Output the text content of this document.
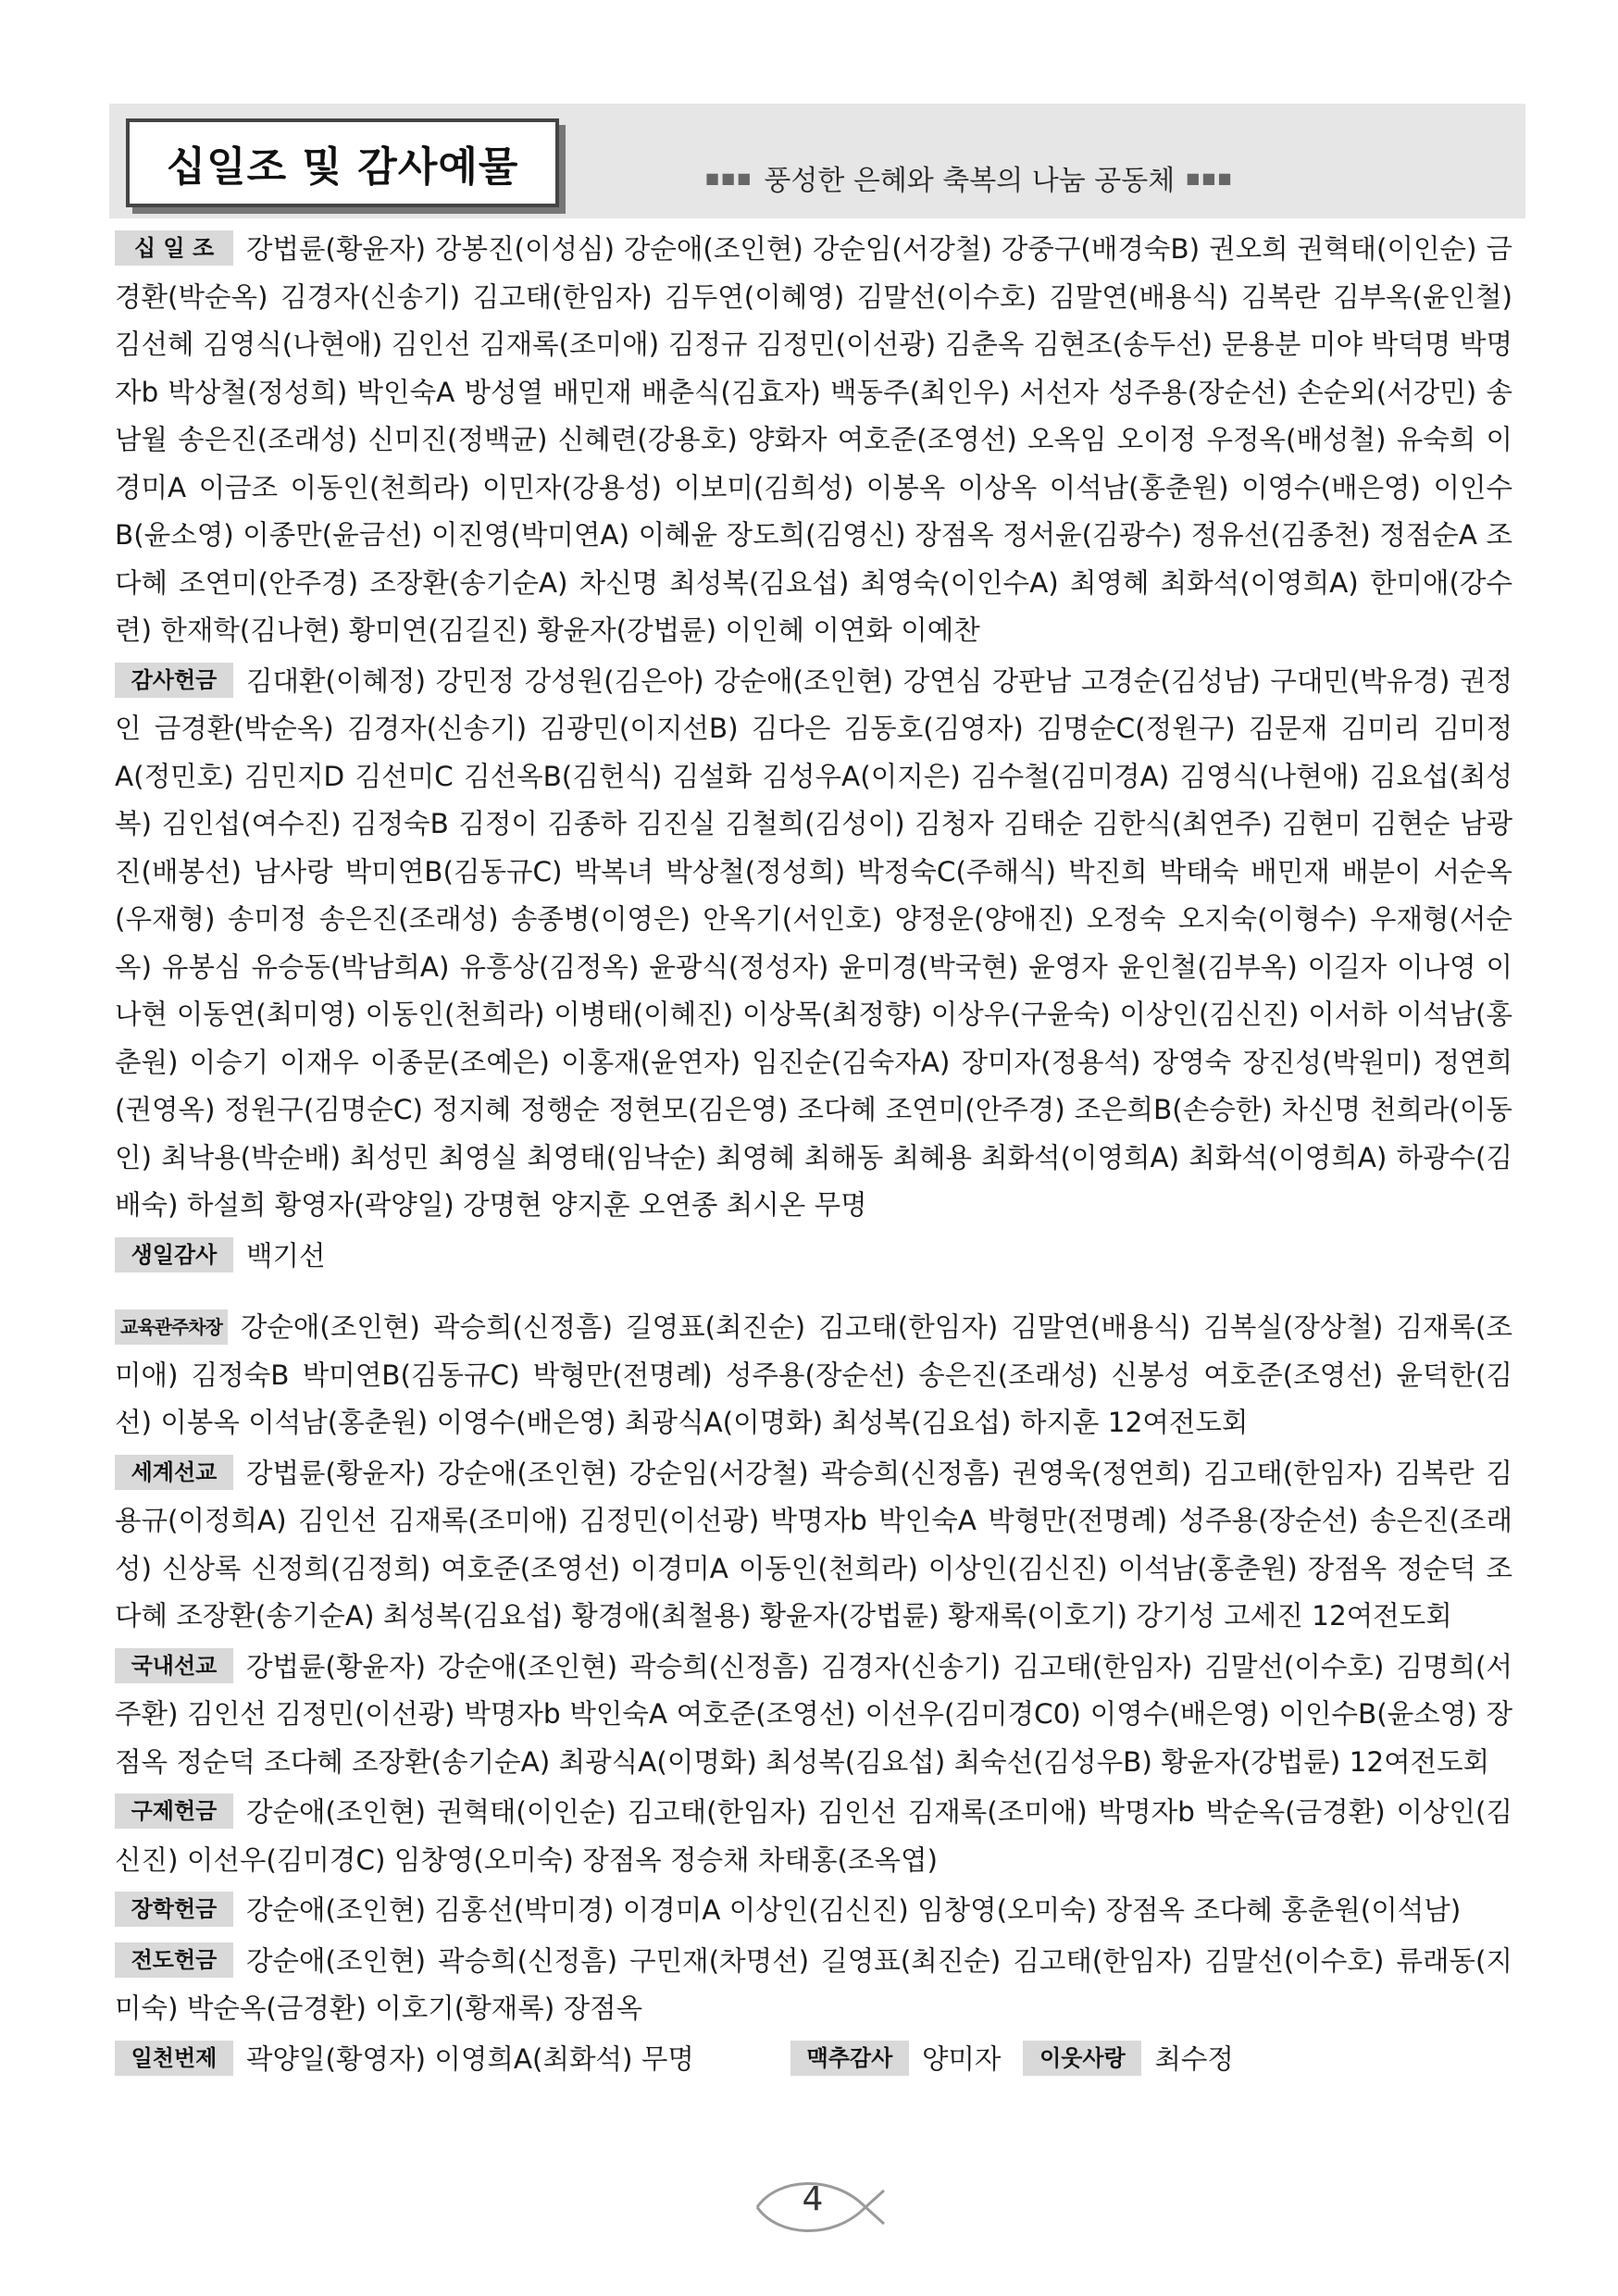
십일조 및 감사예물	■■■ 풍성한 은혜와 축복의 나눔 공동체 ■■■
십 일 조 강법륜(황윤자) 강봉진(이성심) 강순애(조인현) 강순임(서강철) 강중구(배경숙B) 권오희 권혁태(이인순) 금경환(박순옥) 김경자(신송기) 김고태(한임자) 김두연(이혜영) 김말선(이수호) 김말연(배용식) 김복란 김부옥(윤인철) 김선혜 김영식(나현애) 김인선 김재록(조미애) 김정규 김정민(이선광) 김춘옥 김현조(송두선) 문용분 미야 박덕명 박명자b 박상철(정성희) 박인숙A 방성열 배민재 배춘식(김효자) 백동주(최인우) 서선자 성주용(장순선) 손순외(서강민) 송남월 송은진(조래성) 신미진(정백균) 신혜련(강용호) 양화자 여호준(조영선) 오옥임 오이정 우정옥(배성철) 유숙희 이경미A 이금조 이동인(천희라) 이민자(강용성) 이보미(김희성) 이봉옥 이상옥 이석남(홍춘원) 이영수(배은영) 이인수B(윤소영) 이종만(윤금선) 이진영(박미연A) 이혜윤 장도희(김영신) 장점옥 정서윤(김광수) 정유선(김종천) 정점순A 조다혜 조연미(안주경) 조장환(송기순A) 차신명 최성복(김요섭) 최영숙(이인수A) 최영혜 최화석(이영희A) 한미애(강수련) 한재학(김나현) 황미연(김길진) 황윤자(강법륜) 이인혜 이연화 이예찬
감사헌금 김대환(이혜정) 강민정 강성원(김은아) 강순애(조인현) 강연심 강판남 고경순(김성남) 구대민(박유경) 권정인 금경환(박순옥) 김경자(신송기) 김광민(이지선B) 김다은 김동호(김영자) 김명순C(정원구) 김문재 김미리 김미정A(정민호) 김민지D 김선미C 김선옥B(김헌식) 김설화 김성우A(이지은) 김수철(김미경A) 김영식(나현애) 김요섭(최성복) 김인섭(여수진) 김정숙B 김정이 김종하 김진실 김철희(김성이) 김청자 김태순 김한식(최연주) 김현미 김현순 남광진(배봉선) 남사랑 박미연B(김동규C) 박복녀 박상철(정성희) 박정숙C(주해식) 박진희 박태숙 배민재 배분이 서순옥(우재형) 송미정 송은진(조래성) 송종병(이영은) 안옥기(서인호) 양정운(양애진) 오정숙 오지숙(이형수) 우재형(서순옥) 유봉심 유승동(박남희A) 유흥상(김정옥) 윤광식(정성자) 윤미경(박국현) 윤영자 윤인철(김부옥) 이길자 이나영 이나현 이동연(최미영) 이동인(천희라) 이병태(이혜진) 이상목(최정향) 이상우(구윤숙) 이상인(김신진) 이서하 이석남(홍춘원) 이승기 이재우 이종문(조예은) 이홍재(윤연자) 임진순(김숙자A) 장미자(정용석) 장영숙 장진성(박원미) 정연희(권영옥) 정원구(김명순C) 정지혜 정행순 정현모(김은영) 조다혜 조연미(안주경) 조은희B(손승한) 차신명 천희라(이동인) 최낙용(박순배) 최성민 최영실 최영태(임낙순) 최영혜 최해동 최혜용 최화석(이영희A) 최화석(이영희A) 하광수(김배숙) 하설희 황영자(곽양일) 강명현 양지훈 오연종 최시온 무명
생일감사 백기선
교육관주차장 강순애(조인현) 곽승희(신정흠) 길영표(최진순) 김고태(한임자) 김말연(배용식) 김복실(장상철) 김재록(조미애) 김정숙B 박미연B(김동규C) 박형만(전명례) 성주용(장순선) 송은진(조래성) 신봉성 여호준(조영선) 윤덕한(김선) 이봉옥 이석남(홍춘원) 이영수(배은영) 최광식A(이명화) 최성복(김요섭) 하지훈 12여전도회
세계선교 강법륜(황윤자) 강순애(조인현) 강순임(서강철) 곽승희(신정흠) 권영욱(정연희) 김고태(한임자) 김복란 김용규(이정희A) 김인선 김재록(조미애) 김정민(이선광) 박명자b 박인숙A 박형만(전명례) 성주용(장순선) 송은진(조래성) 신상록 신정희(김정희) 여호준(조영선) 이경미A 이동인(천희라) 이상인(김신진) 이석남(홍춘원) 장점옥 정순덕 조다혜 조장환(송기순A) 최성복(김요섭) 황경애(최철용) 황윤자(강법륜) 황재록(이호기) 강기성 고세진 12여전도회
국내선교 강법륜(황윤자) 강순애(조인현) 곽승희(신정흠) 김경자(신송기) 김고태(한임자) 김말선(이수호) 김명희(서주환) 김인선 김정민(이선광) 박명자b 박인숙A 여호준(조영선) 이선우(김미경C0) 이영수(배은영) 이인수B(윤소영) 장점옥 정순덕 조다혜 조장환(송기순A) 최광식A(이명화) 최성복(김요섭) 최숙선(김성우B) 황윤자(강법륜) 12여전도회
구제헌금 강순애(조인현) 권혁태(이인순) 김고태(한임자) 김인선 김재록(조미애) 박명자b 박순옥(금경환) 이상인(김신진) 이선우(김미경C) 임창영(오미숙) 장점옥 정승채 차태홍(조옥엽)
장학헌금 강순애(조인현) 김홍선(박미경) 이경미A 이상인(김신진) 임창영(오미숙) 장점옥 조다혜 홍춘원(이석남)
전도헌금 강순애(조인현) 곽승희(신정흠) 구민재(차명선) 길영표(최진순) 김고태(한임자) 김말선(이수호) 류래동(지미숙) 박순옥(금경환) 이호기(황재록) 장점옥
일천번제 곽양일(황영자) 이영희A(최화석) 무명	맥추감사 양미자	이웃사랑 최수정
4
